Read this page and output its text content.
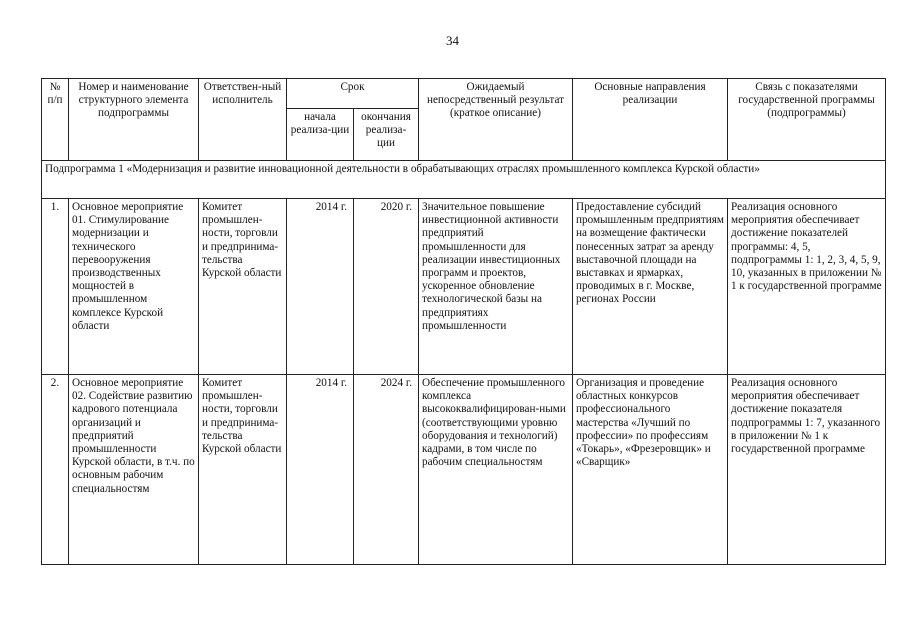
34
№ п/п	Номер и наименование структурного элемента подпрограммы	Ответствен-ный исполнитель	Срок		Ожидаемый непосредственный результат (краткое описание)	Основные направления реализации	Связь с показателями государственной программы (подпрограммы)
			начала реализа-ции	окончания реализа-ции			
Подпрограмма 1 «Модернизация и развитие инновационной деятельности в обрабатывающих отраслях промышленного комплекса Курской области»							
1.	Основное мероприятие 01. Стимулирование модернизации и технического перевооружения производственных мощностей в промышленном комплексе Курской области	Комитет промышлен-ности, торговли и предпринима-тельства Курской области	2014 г.	2020 г.	Значительное повышение инвестиционной активности предприятий промышленности для реализации инвестиционных программ и проектов, ускоренное обновление технологической базы на предприятиях промышленности	Предоставление субсидий промышленным предприятиям на возмещение фактически понесенных затрат за аренду выставочной площади на выставках и ярмарках, проводимых в г. Москве, регионах России	Реализация основного мероприятия обеспечивает достижение показателей программы: 4, 5, подпрограммы 1: 1, 2, 3, 4, 5, 9, 10, указанных в приложении № 1 к государственной программе
2.	Основное мероприятие 02. Содействие развитию кадрового потенциала организаций и предприятий промышленности Курской области, в т.ч. по основным рабочим специальностям	Комитет промышлен-ности, торговли и предпринима-тельства Курской области	2014 г.	2024 г.	Обеспечение промышленного комплекса высококвалифицирован-ными (соответствующими уровню оборудования и технологий) кадрами, в том числе по рабочим специальностям	Организация и проведение областных конкурсов профессионального мастерства «Лучший по профессии» по профессиям «Токарь», «Фрезеровщик» и «Сварщик»	Реализация основного мероприятия обеспечивает достижение показателя подпрограммы 1: 7, указанного в приложении № 1 к государственной программе
